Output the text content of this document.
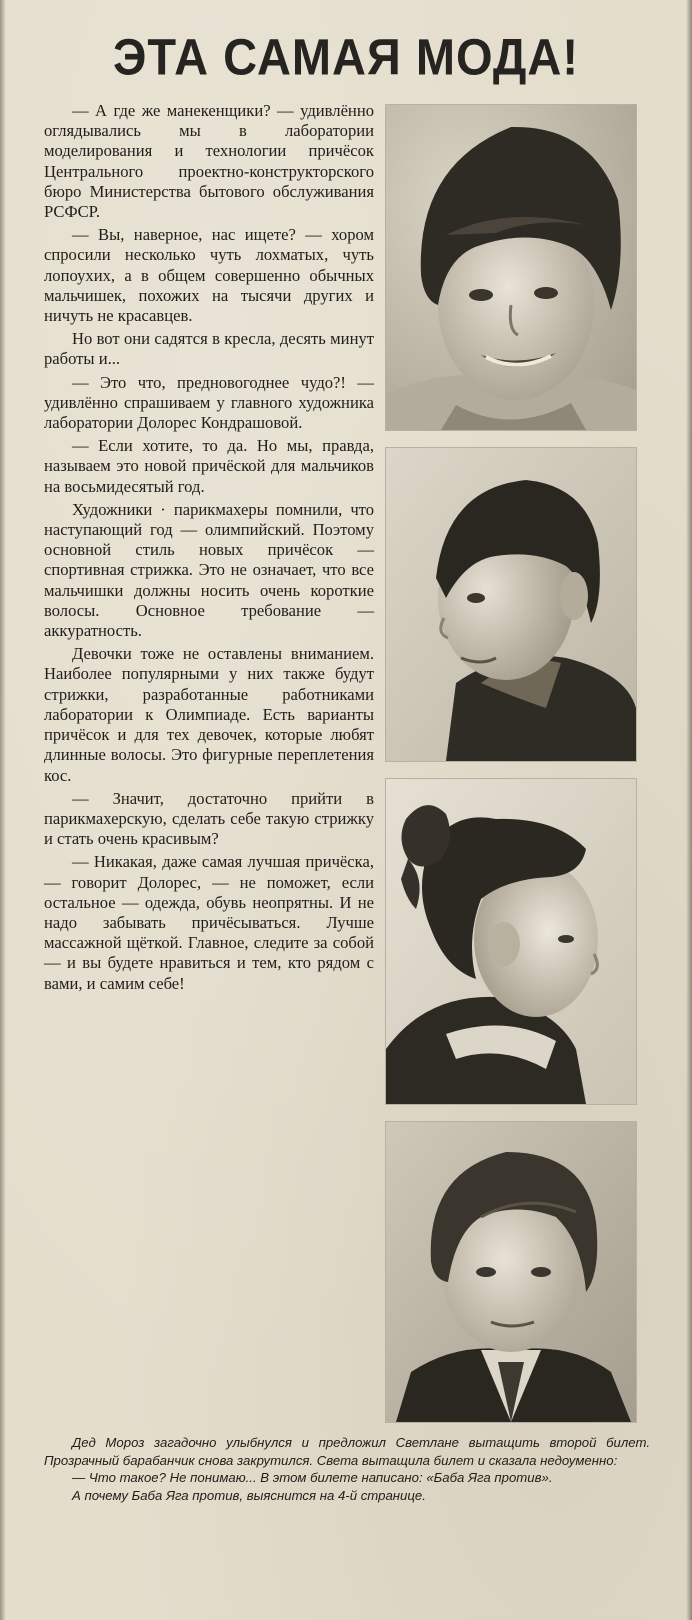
ЭТА САМАЯ МОДА!

— А где же манекенщики? — удивлённо оглядывались мы в лаборатории моделирования и технологии причёсок Центрального проектно-конструкторского бюро Министерства бытового обслуживания РСФСР.

— Вы, наверное, нас ищете? — хором спросили несколько чуть лохматых, чуть лопоухих, а в общем совершенно обычных мальчишек, похожих на тысячи других и ничуть не красавцев.

Но вот они садятся в кресла, десять минут работы и...

— Это что, предновогоднее чудо?! — удивлённо спрашиваем у главного художника лаборатории Долорес Кондрашовой.

— Если хотите, то да. Но мы, правда, называем это новой причёской для мальчиков на восьмидесятый год.

Художники · парикмахеры помнили, что наступающий год — олимпийский. Поэтому основной стиль новых причёсок — спортивная стрижка. Это не означает, что все мальчишки должны носить очень короткие волосы. Основное требование — аккуратность.

Девочки тоже не оставлены вниманием. Наиболее популярными у них также будут стрижки, разработанные работниками лаборатории к Олимпиаде. Есть варианты причёсок и для тех девочек, которые любят длинные волосы. Это фигурные переплетения кос.

— Значит, достаточно прийти в парикмахерскую, сделать себе такую стрижку и стать очень красивым?

— Никакая, даже самая лучшая причёска, — говорит Долорес, — не поможет, если остальное — одежда, обувь неопрятны. И не надо забывать причёсываться. Лучше массажной щёткой. Главное, следите за собой — и вы будете нравиться и тем, кто рядом с вами, и самим себе!

Дед Мороз загадочно улыбнулся и предложил Светлане вытащить второй билет. Прозрачный барабанчик снова закрутился. Света вытащила билет и сказала недоуменно:

— Что такое? Не понимаю... В этом билете написано: «Баба Яга против».

А почему Баба Яга против, выяснится на 4-й странице.
